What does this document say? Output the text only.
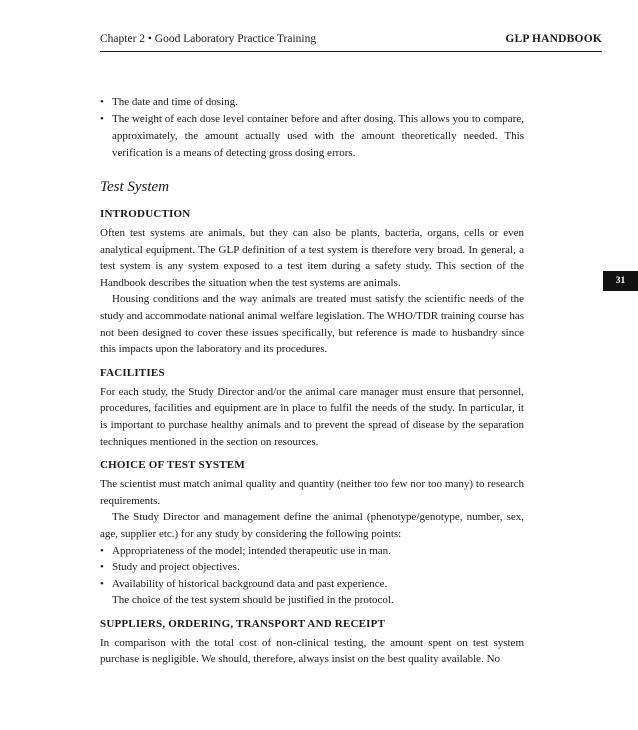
Chapter 2 • Good Laboratory Practice Training	GLP HANDBOOK
31
• The date and time of dosing.
• The weight of each dose level container before and after dosing. This allows you to compare, approximately, the amount actually used with the amount theoretically needed. This verification is a means of detecting gross dosing errors.
Test System
INTRODUCTION

Often test systems are animals, but they can also be plants, bacteria, organs, cells or even analytical equipment. The GLP definition of a test system is therefore very broad. In general, a test system is any system exposed to a test item during a safety study. This section of the Handbook describes the situation when the test systems are animals.

Housing conditions and the way animals are treated must satisfy the scientific needs of the study and accommodate national animal welfare legislation. The WHO/TDR training course has not been designed to cover these issues specifically, but reference is made to husbandry since this impacts upon the laboratory and its procedures.

FACILITIES

For each study, the Study Director and/or the animal care manager must ensure that personnel, procedures, facilities and equipment are in place to fulfil the needs of the study. In particular, it is important to purchase healthy animals and to prevent the spread of disease by the separation techniques mentioned in the section on resources.

CHOICE OF TEST SYSTEM

The scientist must match animal quality and quantity (neither too few nor too many) to research requirements.

The Study Director and management define the animal (phenotype/genotype, number, sex, age, supplier etc.) for any study by considering the following points:

• Appropriateness of the model; intended therapeutic use in man.
• Study and project objectives.
• Availability of historical background data and past experience.

The choice of the test system should be justified in the protocol.

SUPPLIERS, ORDERING, TRANSPORT AND RECEIPT

In comparison with the total cost of non-clinical testing, the amount spent on test system purchase is negligible. We should, therefore, always insist on the best quality available. No
